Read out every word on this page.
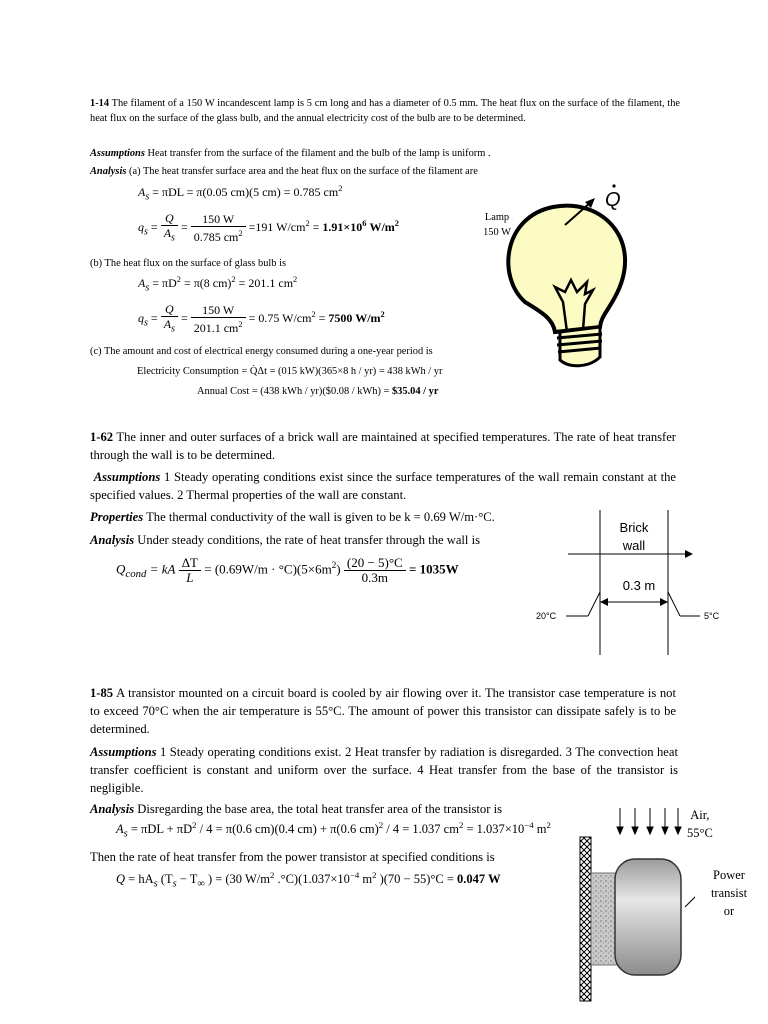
1-14 The filament of a 150 W incandescent lamp is 5 cm long and has a diameter of 0.5 mm. The heat flux on the surface of the filament, the heat flux on the surface of the glass bulb, and the annual electricity cost of the bulb are to be determined.
Assumptions Heat transfer from the surface of the filament and the bulb of the lamp is uniform .
Analysis (a) The heat transfer surface area and the heat flux on the surface of the filament are
$A_s = \pi DL = \pi(0.05$ cm)(5 cm) = 0.785 $cm^2$
$q_s = \frac{Q}{A_s} = \frac{150 W}{0.785 cm^2} =191$ $W/cm^2 = 1.91\times 10^6$ $W/m^2$
(b) The heat flux on the surface of glass bulb is
$A_s = \pi D^2 = \pi(8$ cm)$^2$ = 201.1 $cm^2$
$q_s = \frac{Q}{A_s} = \frac{150 W}{201.1 cm^2} = 0.75$ $W/cm^2 = 7500$ $W/m^2$
(c) The amount and cost of electrical energy consumed during a one-year period is
Electricity Consumption = Q̇Δt = (015 kW)(365×8 h / yr) = 438 kWh / yr
Annual Cost = (438 kWh / yr)($0.08 / kWh) = $35.04 / yr
Lamp
150 W
Q
1-62 The inner and outer surfaces of a brick wall are maintained at specified temperatures. The rate of heat transfer through the wall is to be determined.
Assumptions 1 Steady operating conditions exist since the surface temperatures of the wall remain constant at the specified values. 2 Thermal properties of the wall are constant.
Properties The thermal conductivity of the wall is given to be k = 0.69 W/m·°C.
Analysis Under steady conditions, the rate of heat transfer through the wall is
$Q_{cond}$ = kA $\frac{\Delta T}{L} = (0.69W/m \cdot ^\circ C)(5\times 6m^2) \frac{(20 - 5)^\circ C}{0.3m} = 1035W$
Brick
wall
0.3 m
20°C	5°C
1-85 A transistor mounted on a circuit board is cooled by air flowing over it. The transistor case temperature is not to exceed 70°C when the air temperature is 55°C. The amount of power this transistor can dissipate safely is to be determined.
Assumptions 1 Steady operating conditions exist. 2 Heat transfer by radiation is disregarded. 3 The convection heat transfer coefficient is constant and uniform over the surface. 4 Heat transfer from the base of the transistor is negligible.
Analysis Disregarding the base area, the total heat transfer area of the transistor is
$A_s = \pi DL + \pi D^2 / 4 = \pi(0.6$ cm)(0.4 cm) + π(0.6 cm)$^2$ / 4 = 1.037 $cm^2 = 1.037\times 10^{-4}$ $m^2$
Then the rate of heat transfer from the power transistor at specified conditions is
$Q = hA_s$ ($T_s - T_\infty$ ) = (30 $W/m^2$ $.^\circ C)(1.037\times 10^{-4}$ $m^2$ )(70 − 55)°C = 0.047 W
Air,
55°C
Power
transist
or
